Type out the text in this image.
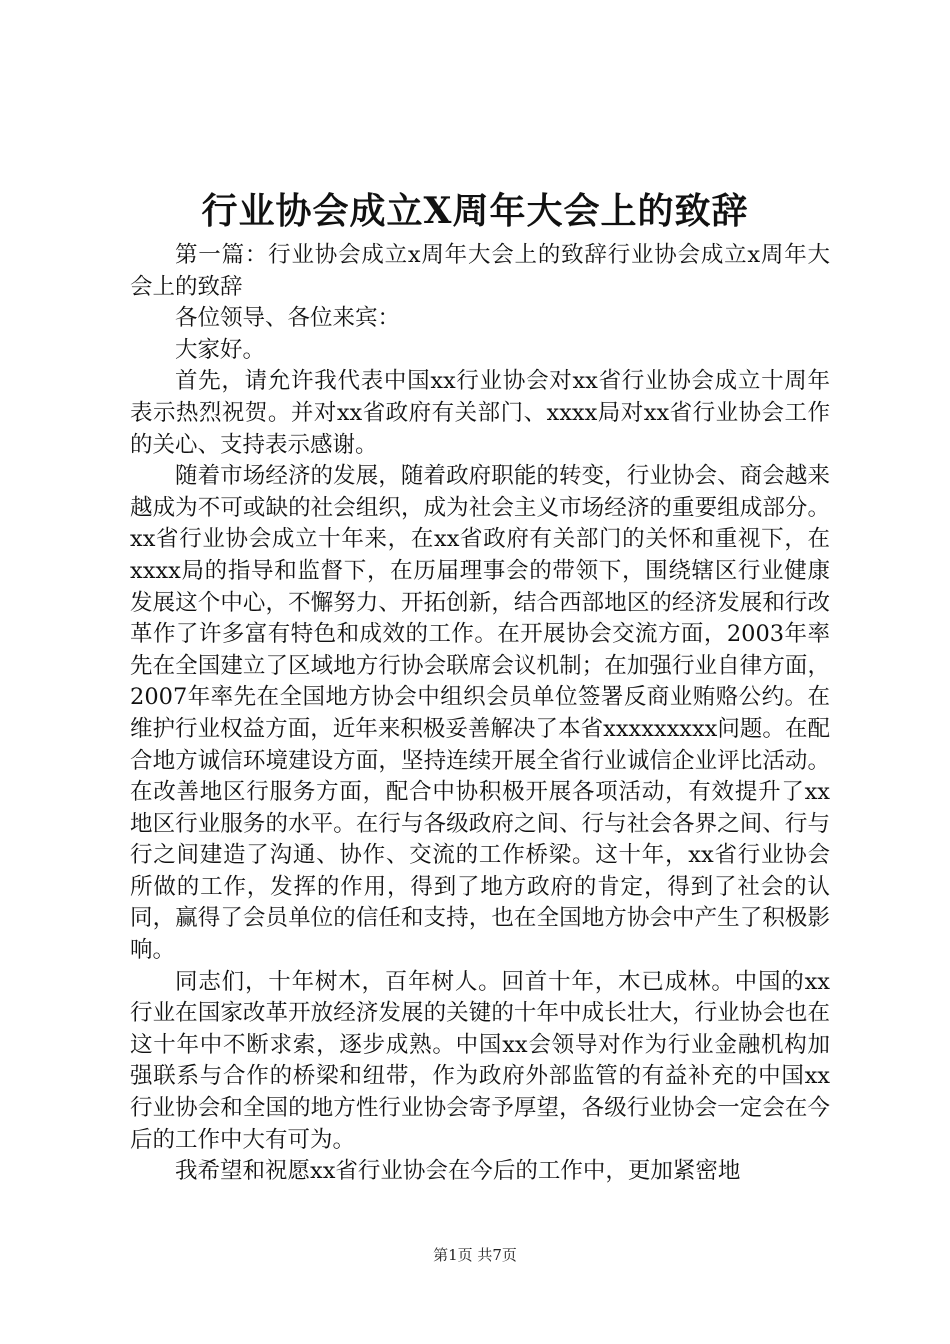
行业协会成立X周年大会上的致辞

第一篇：行业协会成立x周年大会上的致辞行业协会成立x周年大会上的致辞

各位领导、各位来宾：

大家好。

首先，请允许我代表中国xx行业协会对xx省行业协会成立十周年表示热烈祝贺。并对xx省政府有关部门、xxxx局对xx省行业协会工作的关心、支持表示感谢。

随着市场经济的发展，随着政府职能的转变，行业协会、商会越来越成为不可或缺的社会组织，成为社会主义市场经济的重要组成部分。xx省行业协会成立十年来，在xx省政府有关部门的关怀和重视下，在xxxx局的指导和监督下，在历届理事会的带领下，围绕辖区行业健康发展这个中心，不懈努力、开拓创新，结合西部地区的经济发展和行改革作了许多富有特色和成效的工作。在开展协会交流方面，2003年率先在全国建立了区域地方行协会联席会议机制；在加强行业自律方面，2007年率先在全国地方协会中组织会员单位签署反商业贿赂公约。在维护行业权益方面，近年来积极妥善解决了本省xxxxxxxxx问题。在配合地方诚信环境建设方面，坚持连续开展全省行业诚信企业评比活动。在改善地区行服务方面，配合中协积极开展各项活动，有效提升了xx地区行业服务的水平。在行与各级政府之间、行与社会各界之间、行与行之间建造了沟通、协作、交流的工作桥梁。这十年，xx省行业协会所做的工作，发挥的作用，得到了地方政府的肯定，得到了社会的认同，赢得了会员单位的信任和支持，也在全国地方协会中产生了积极影响。

同志们，十年树木，百年树人。回首十年，木已成林。中国的xx行业在国家改革开放经济发展的关键的十年中成长壮大，行业协会也在这十年中不断求索，逐步成熟。中国xx会领导对作为行业金融机构加强联系与合作的桥梁和纽带，作为政府外部监管的有益补充的中国xx行业协会和全国的地方性行业协会寄予厚望，各级行业协会一定会在今后的工作中大有可为。

我希望和祝愿xx省行业协会在今后的工作中，更加紧密地

第1页 共7页
